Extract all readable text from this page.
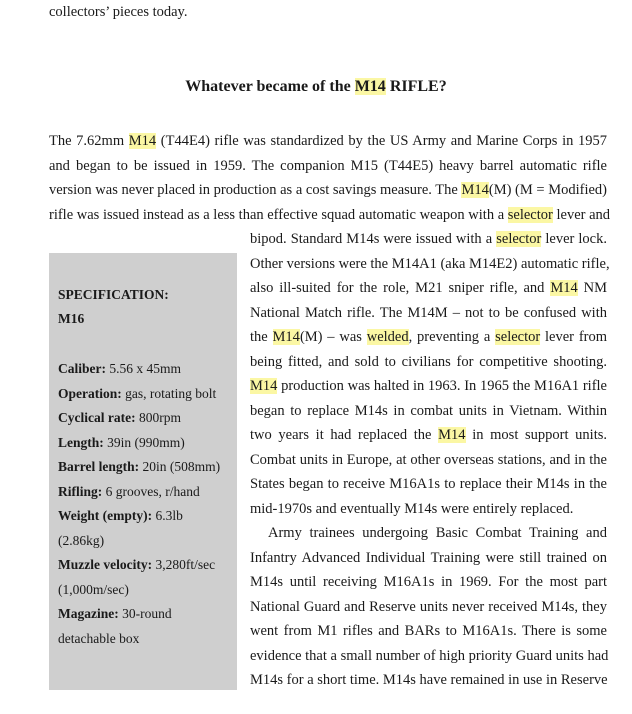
collectors’ pieces today.
Whatever became of the M14 RIFLE?
The 7.62mm M14 (T44E4) rifle was standardized by the US Army and Marine Corps in 1957
and began to be issued in 1959. The companion M15 (T44E5) heavy barrel automatic rifle
version was never placed in production as a cost savings measure. The M14(M) (M = Modified)
rifle was issued instead as a less than effective squad automatic weapon with a selector lever and
SPECIFICATION:
M16
Caliber: 5.56 x 45mm
Operation: gas, rotating bolt
Cyclical rate: 800rpm
Length: 39in (990mm)
Barrel length: 20in (508mm)
Rifling: 6 grooves, r/hand
Weight (empty): 6.3lb
(2.86kg)
Muzzle velocity: 3,280ft/sec
(1,000m/sec)
Magazine: 30-round
detachable box
bipod. Standard M14s were issued with a selector lever lock.
Other versions were the M14A1 (aka M14E2) automatic rifle,
also ill-suited for the role, M21 sniper rifle, and M14 NM
National Match rifle. The M14M – not to be confused with
the M14(M) – was welded, preventing a selector lever from
being fitted, and sold to civilians for competitive shooting.
M14 production was halted in 1963. In 1965 the M16A1 rifle
began to replace M14s in combat units in Vietnam. Within
two years it had replaced the M14 in most support units.
Combat units in Europe, at other overseas stations, and in the
States began to receive M16A1s to replace their M14s in the
mid-1970s and eventually M14s were entirely replaced.
Army trainees undergoing Basic Combat Training and
Infantry Advanced Individual Training were still trained on
M14s until receiving M16A1s in 1969. For the most part
National Guard and Reserve units never received M14s, they
went from M1 rifles and BARs to M16A1s. There is some
evidence that a small number of high priority Guard units had
M14s for a short time. M14s have remained in use in Reserve
